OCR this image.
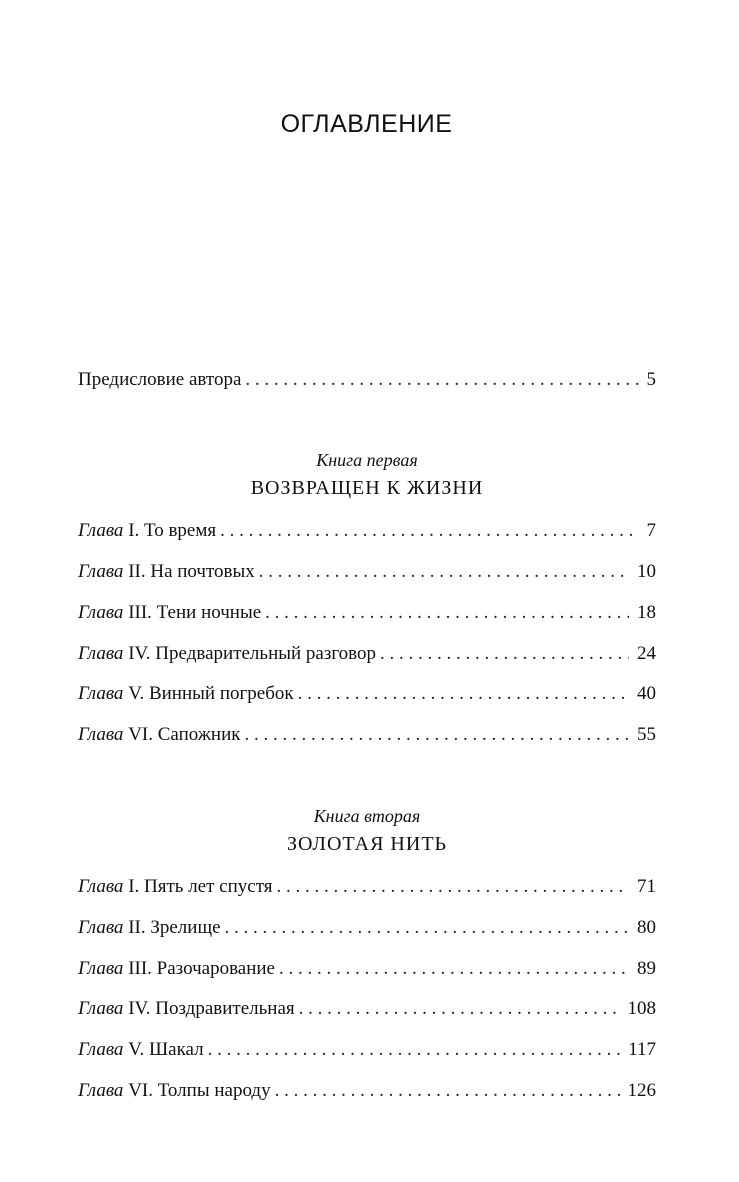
ОГЛАВЛЕНИЕ
Предисловие автора . . .	5
Книга первая
ВОЗВРАЩЕН К ЖИЗНИ
Глава I. То время . . .	7
Глава II. На почтовых . . .	10
Глава III. Тени ночные . . .	18
Глава IV. Предварительный разговор . . .	24
Глава V. Винный погребок . . .	40
Глава VI. Сапожник . . .	55
Книга вторая
ЗОЛОТАЯ НИТЬ
Глава I. Пять лет спустя . . .	71
Глава II. Зрелище . . .	80
Глава III. Разочарование . . .	89
Глава IV. Поздравительная . . .	108
Глава V. Шакал . . .	117
Глава VI. Толпы народу . . .	126
